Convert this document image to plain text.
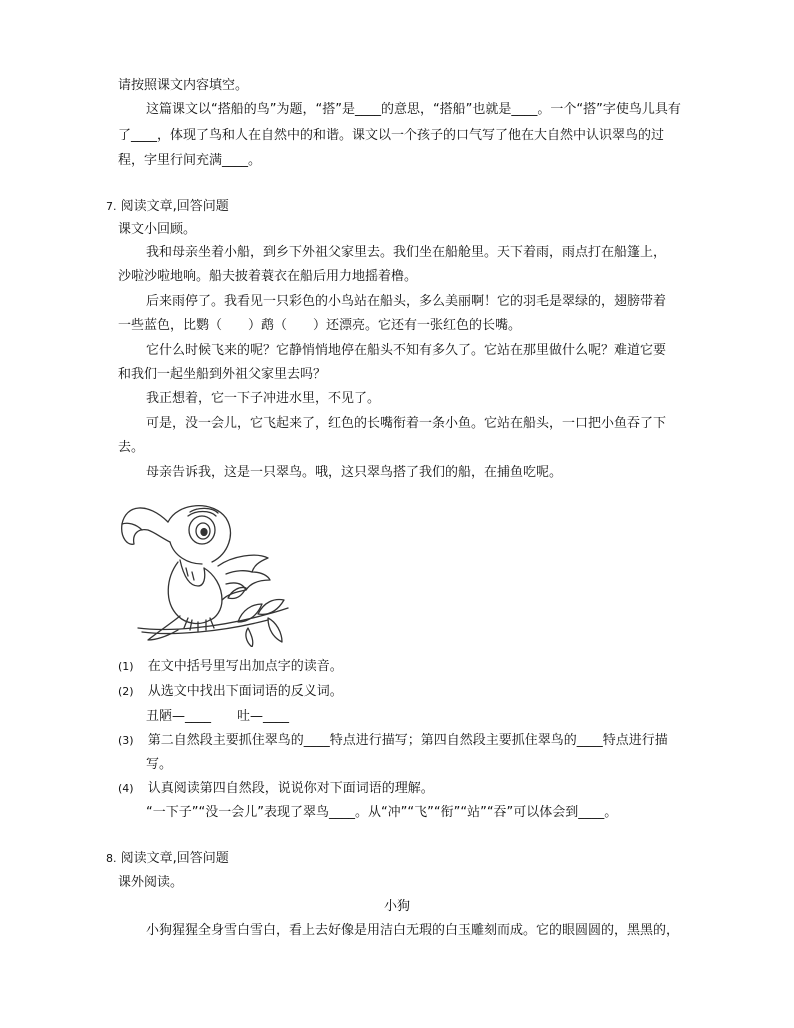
请按照课文内容填空。
这篇课文以“搭船的鸟”为题，“搭”是____的意思，“搭船”也就是____。一个“搭”字使鸟儿具有
了____，体现了鸟和人在自然中的和谐。课文以一个孩子的口气写了他在大自然中认识翠鸟的过
程，字里行间充满____。
7. 阅读文章,回答问题
课文小回顾。
我和母亲坐着小船，到乡下外祖父家里去。我们坐在船舱里。天下着雨，雨点打在船篷上，
沙啦沙啦地响。船夫披着蓑衣在船后用力地摇着橹。
后来雨停了。我看见一只彩色的小鸟站在船头，多么美丽啊！它的羽毛是翠绿的，翅膀带着
一些蓝色，比鹦（　　）鹉（　　）还漂亮。它还有一张红色的长嘴。
它什么时候飞来的呢？它静悄悄地停在船头不知有多久了。它站在那里做什么呢？难道它要
和我们一起坐船到外祖父家里去吗？
我正想着，它一下子冲进水里，不见了。
可是，没一会儿，它飞起来了，红色的长嘴衔着一条小鱼。它站在船头，一口把小鱼吞了下
去。
母亲告诉我，这是一只翠鸟。哦，这只翠鸟搭了我们的船，在捕鱼吃呢。
(1) 在文中括号里写出加点字的读音。
(2) 从选文中找出下面词语的反义词。
丑陋—____　　吐—____
(3) 第二自然段主要抓住翠鸟的____特点进行描写；第四自然段主要抓住翠鸟的____特点进行描
写。
(4) 认真阅读第四自然段，说说你对下面词语的理解。
“一下子”“没一会儿”表现了翠鸟____。从“冲”“飞”“衔”“站”“吞”可以体会到____。
8. 阅读文章,回答问题
课外阅读。
小狗
小狗猩猩全身雪白雪白，看上去好像是用洁白无瑕的白玉雕刻而成。它的眼圆圆的，黑黑的，
